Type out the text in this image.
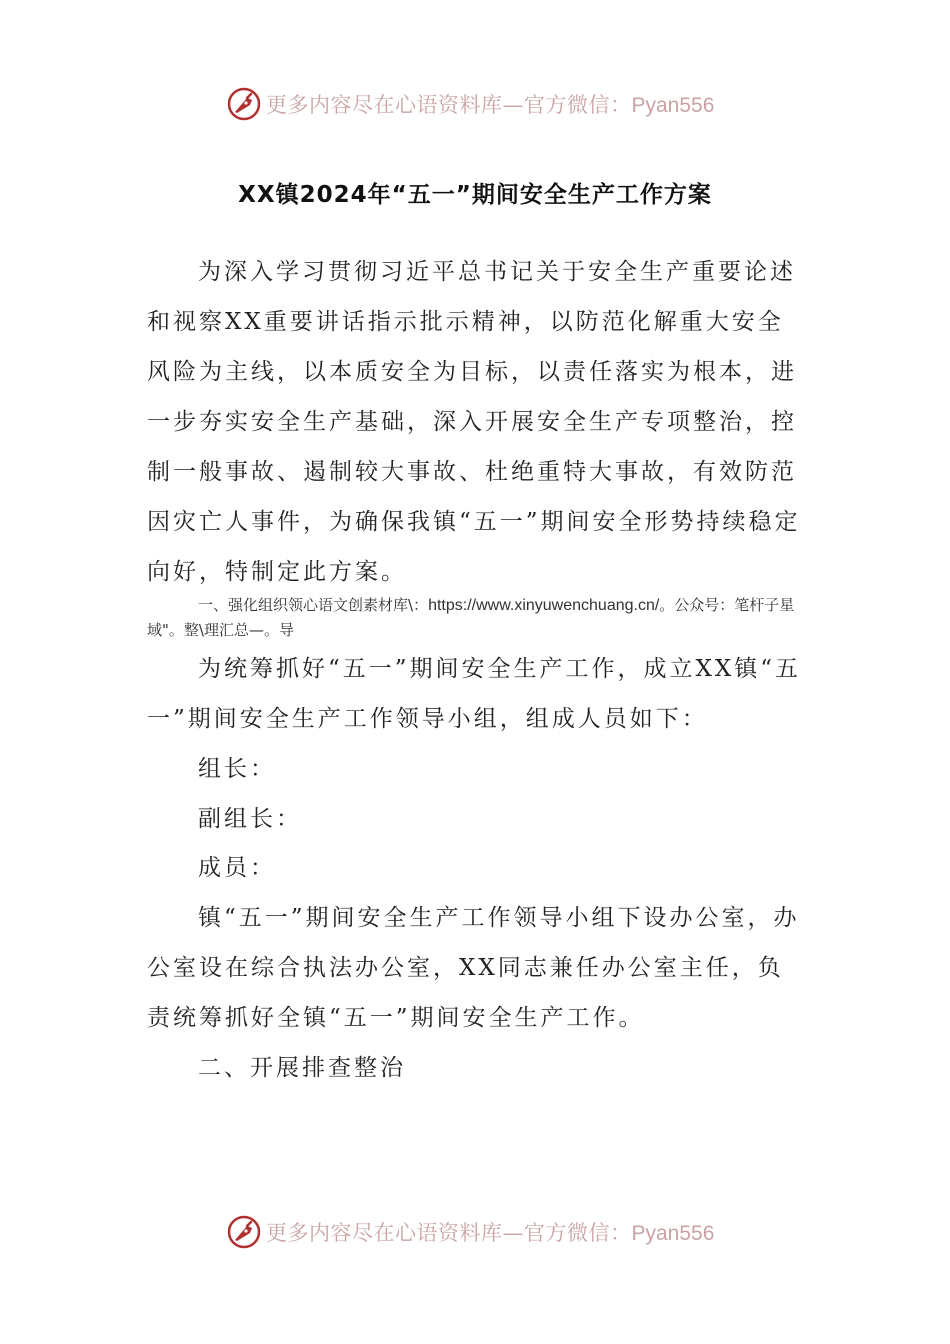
更多内容尽在心语资料库—官方微信：Pyan556
XX镇2024年“五一”期间安全生产工作方案

为深入学习贯彻习近平总书记关于安全生产重要论述和视察XX重要讲话指示批示精神，以防范化解重大安全风险为主线，以本质安全为目标，以责任落实为根本，进一步夯实安全生产基础，深入开展安全生产专项整治，控制一般事故、遏制较大事故、杜绝重特大事故，有效防范因灾亡人事件，为确保我镇“五一”期间安全形势持续稳定向好，特制定此方案。

一、强化组织领心语文创素材库\：https://www.xinyuwenchuang.cn/。公众号：笔杆子星域"。整\理汇总—。导

为统筹抓好“五一”期间安全生产工作，成立XX镇“五一”期间安全生产工作领导小组，组成人员如下：

组长：

副组长：

成员：

镇“五一”期间安全生产工作领导小组下设办公室，办公室设在综合执法办公室，XX同志兼任办公室主任，负责统筹抓好全镇“五一”期间安全生产工作。

二、开展排查整治

更多内容尽在心语资料库—官方微信：Pyan556
